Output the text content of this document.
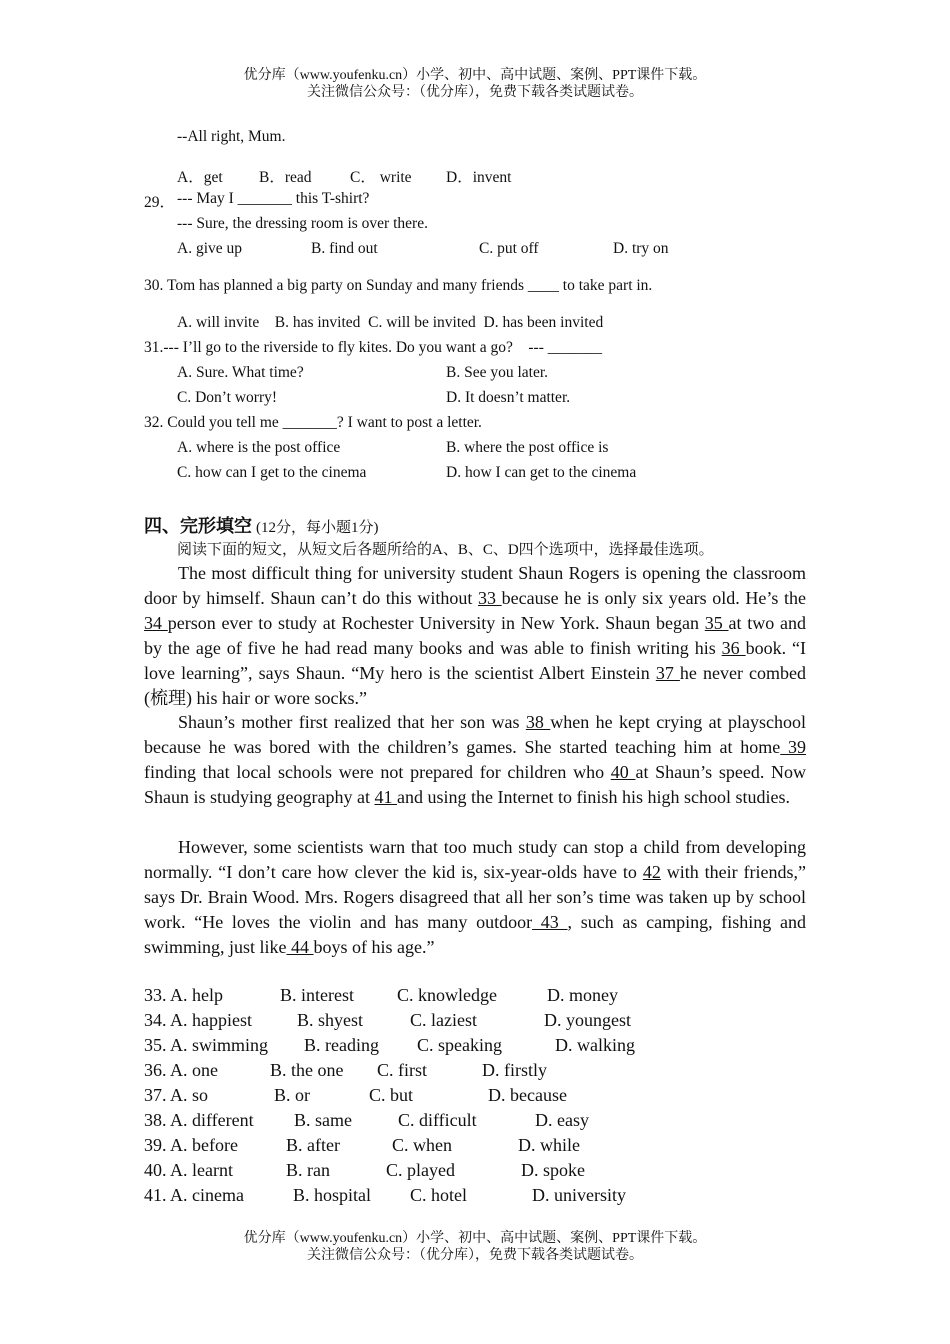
优分库（www.youfenku.cn）小学、初中、高中试题、案例、PPT课件下载。
关注微信公众号：（优分库），免费下载各类试题试卷。
--All right, Mum.
A．get B．read C． write D．invent
29． --- May I _______ this T-shirt?
--- Sure, the dressing room is over there.
A. give up	B. find out	C. put off	D. try on
30. Tom has planned a big party on Sunday and many friends ____ to take part in.
A. will invite    B. has invited  C. will be invited  D. has been invited
31.--- I’ll go to the riverside to fly kites. Do you want a go?    --- _______
A. Sure. What time?	B. See you later.
C. Don’t worry!	D. It doesn’t matter.
32. Could you tell me _______? I want to post a letter.
A. where is the post office	B. where the post office is
C. how can I get to the cinema	D. how I can get to the cinema
四、完形填空 (12分，每小题1分)
阅读下面的短文，从短文后各题所给的A、B、C、D四个选项中，选择最佳选项。
The most difficult thing for university student Shaun Rogers is opening the classroom door by himself. Shaun can’t do this without 33 because he is only six years old. He’s the 34 person ever to study at Rochester University in New York. Shaun began 35 at two and by the age of five he had read many books and was able to finish writing his 36 book. “I love learning”, says Shaun. “My hero is the scientist Albert Einstein 37 he never combed (梳理) his hair or wore socks.”
Shaun’s mother first realized that her son was 38 when he kept crying at playschool because he was bored with the children’s games. She started teaching him at home 39 finding that local schools were not prepared for children who 40 at Shaun’s speed. Now Shaun is studying geography at 41 and using the Internet to finish his high school studies.
However, some scientists warn that too much study can stop a child from developing normally. “I don’t care how clever the kid is, six-year-olds have to 42 with their friends,” says Dr. Brain Wood. Mrs. Rogers disagreed that all her son’s time was taken up by school work. “He loves the violin and has many outdoor 43 , such as camping, fishing and swimming, just like 44 boys of his age.”
33. A. help	B. interest C. knowledge	D. money
34. A. happiest	B. shyest	C. laziest	D. youngest
35. A. swimming B. reading C. speaking	D. walking
36. A. one	B. the one C. first	D. firstly
37. A. so	B. or	C. but	D. because
38. A. different B. same	C. difficult	D. easy
39. A. before	B. after	C. when	D. while
40. A. learnt	B. ran	C. played	D. spoke
41. A. cinema	B. hospital C. hotel	D. university
优分库（www.youfenku.cn）小学、初中、高中试题、案例、PPT课件下载。
关注微信公众号：（优分库），免费下载各类试题试卷。
